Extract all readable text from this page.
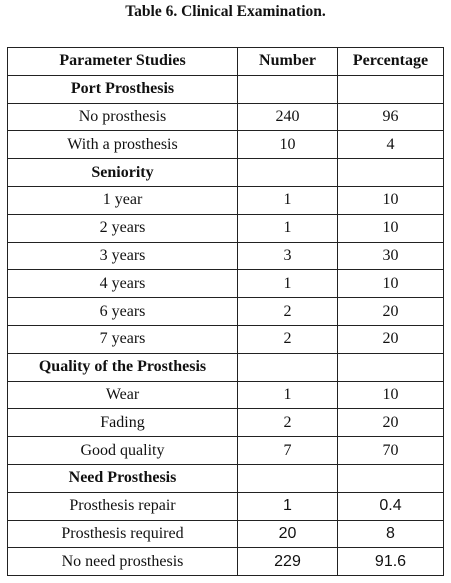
Table 6. Clinical Examination.
Parameter Studies	Number	Percentage
Port Prosthesis		
No prosthesis	240	96
With a prosthesis	10	4
Seniority		
1 year	1	10
2 years	1	10
3 years	3	30
4 years	1	10
6 years	2	20
7 years	2	20
Quality of the Prosthesis		
Wear	1	10
Fading	2	20
Good quality	7	70
Need Prosthesis		
Prosthesis repair	1	0.4
Prosthesis required	20	8
No need prosthesis	229	91.6
